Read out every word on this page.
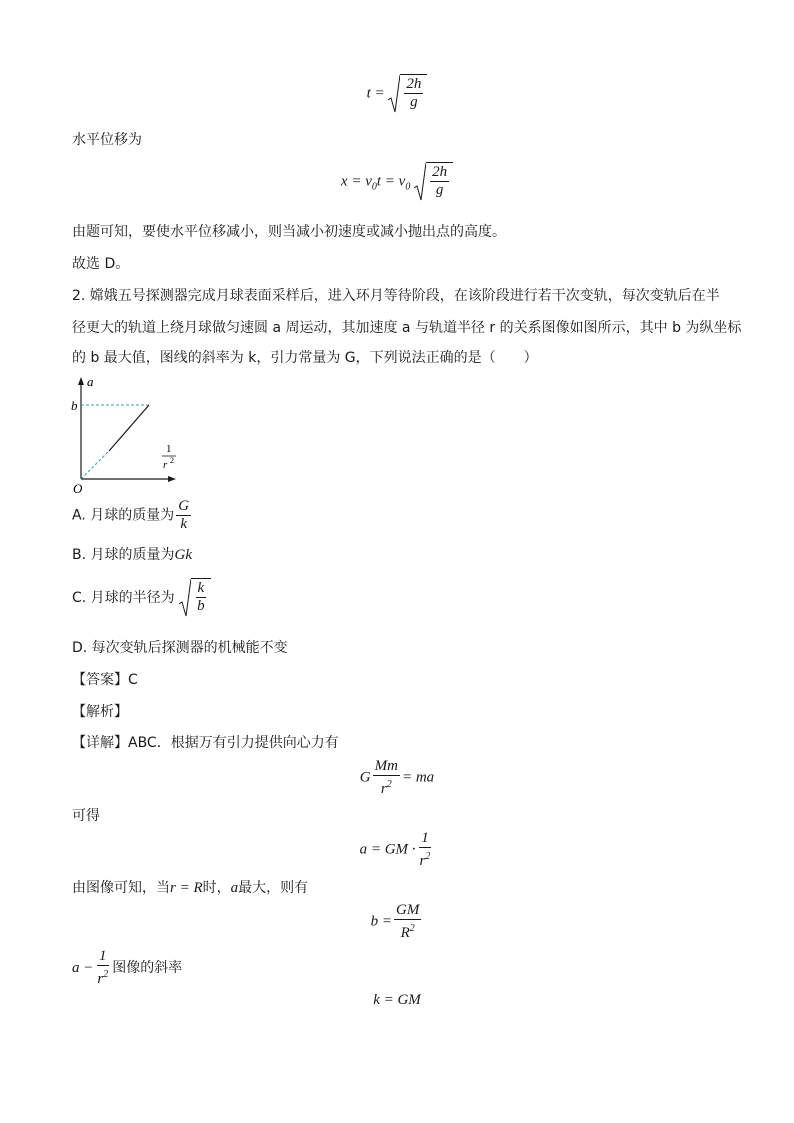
$t = \frac{2h}{g}$
水平位移为
$x = v_0t = v_0 \frac{2h}{g}$
由题可知，要使水平位移减小，则当减小初速度或减小抛出点的高度。
故选 D。
2. 嫦娥五号探测器完成月球表面采样后，进入环月等待阶段，在该阶段进行若干次变轨，每次变轨后在半
径更大的轨道上绕月球做匀速圆 a 周运动，其加速度 a 与轨道半径 r 的关系图像如图所示，其中 b 为纵坐标
的 b 最大值，图线的斜率为 k，引力常量为 G，下列说法正确的是（　　）
a
b
O
1
r 2
A. 月球的质量为 $\frac{G}{k}$
B. 月球的质量为Gk
C. 月球的半径为 $\frac{k}{b}$
D. 每次变轨后探测器的机械能不变
【答案】C
【解析】
【详解】ABC．根据万有引力提供向心力有
G $\frac{Mm}{r^2}$ = ma
可得
a = GM · $\frac{1}{r^2}$
由图像可知，当r = R时，a最大，则有
$b = \frac{GM}{R^2}$
$a - \frac{1}{r^2}$ 图像的斜率
k = GM
